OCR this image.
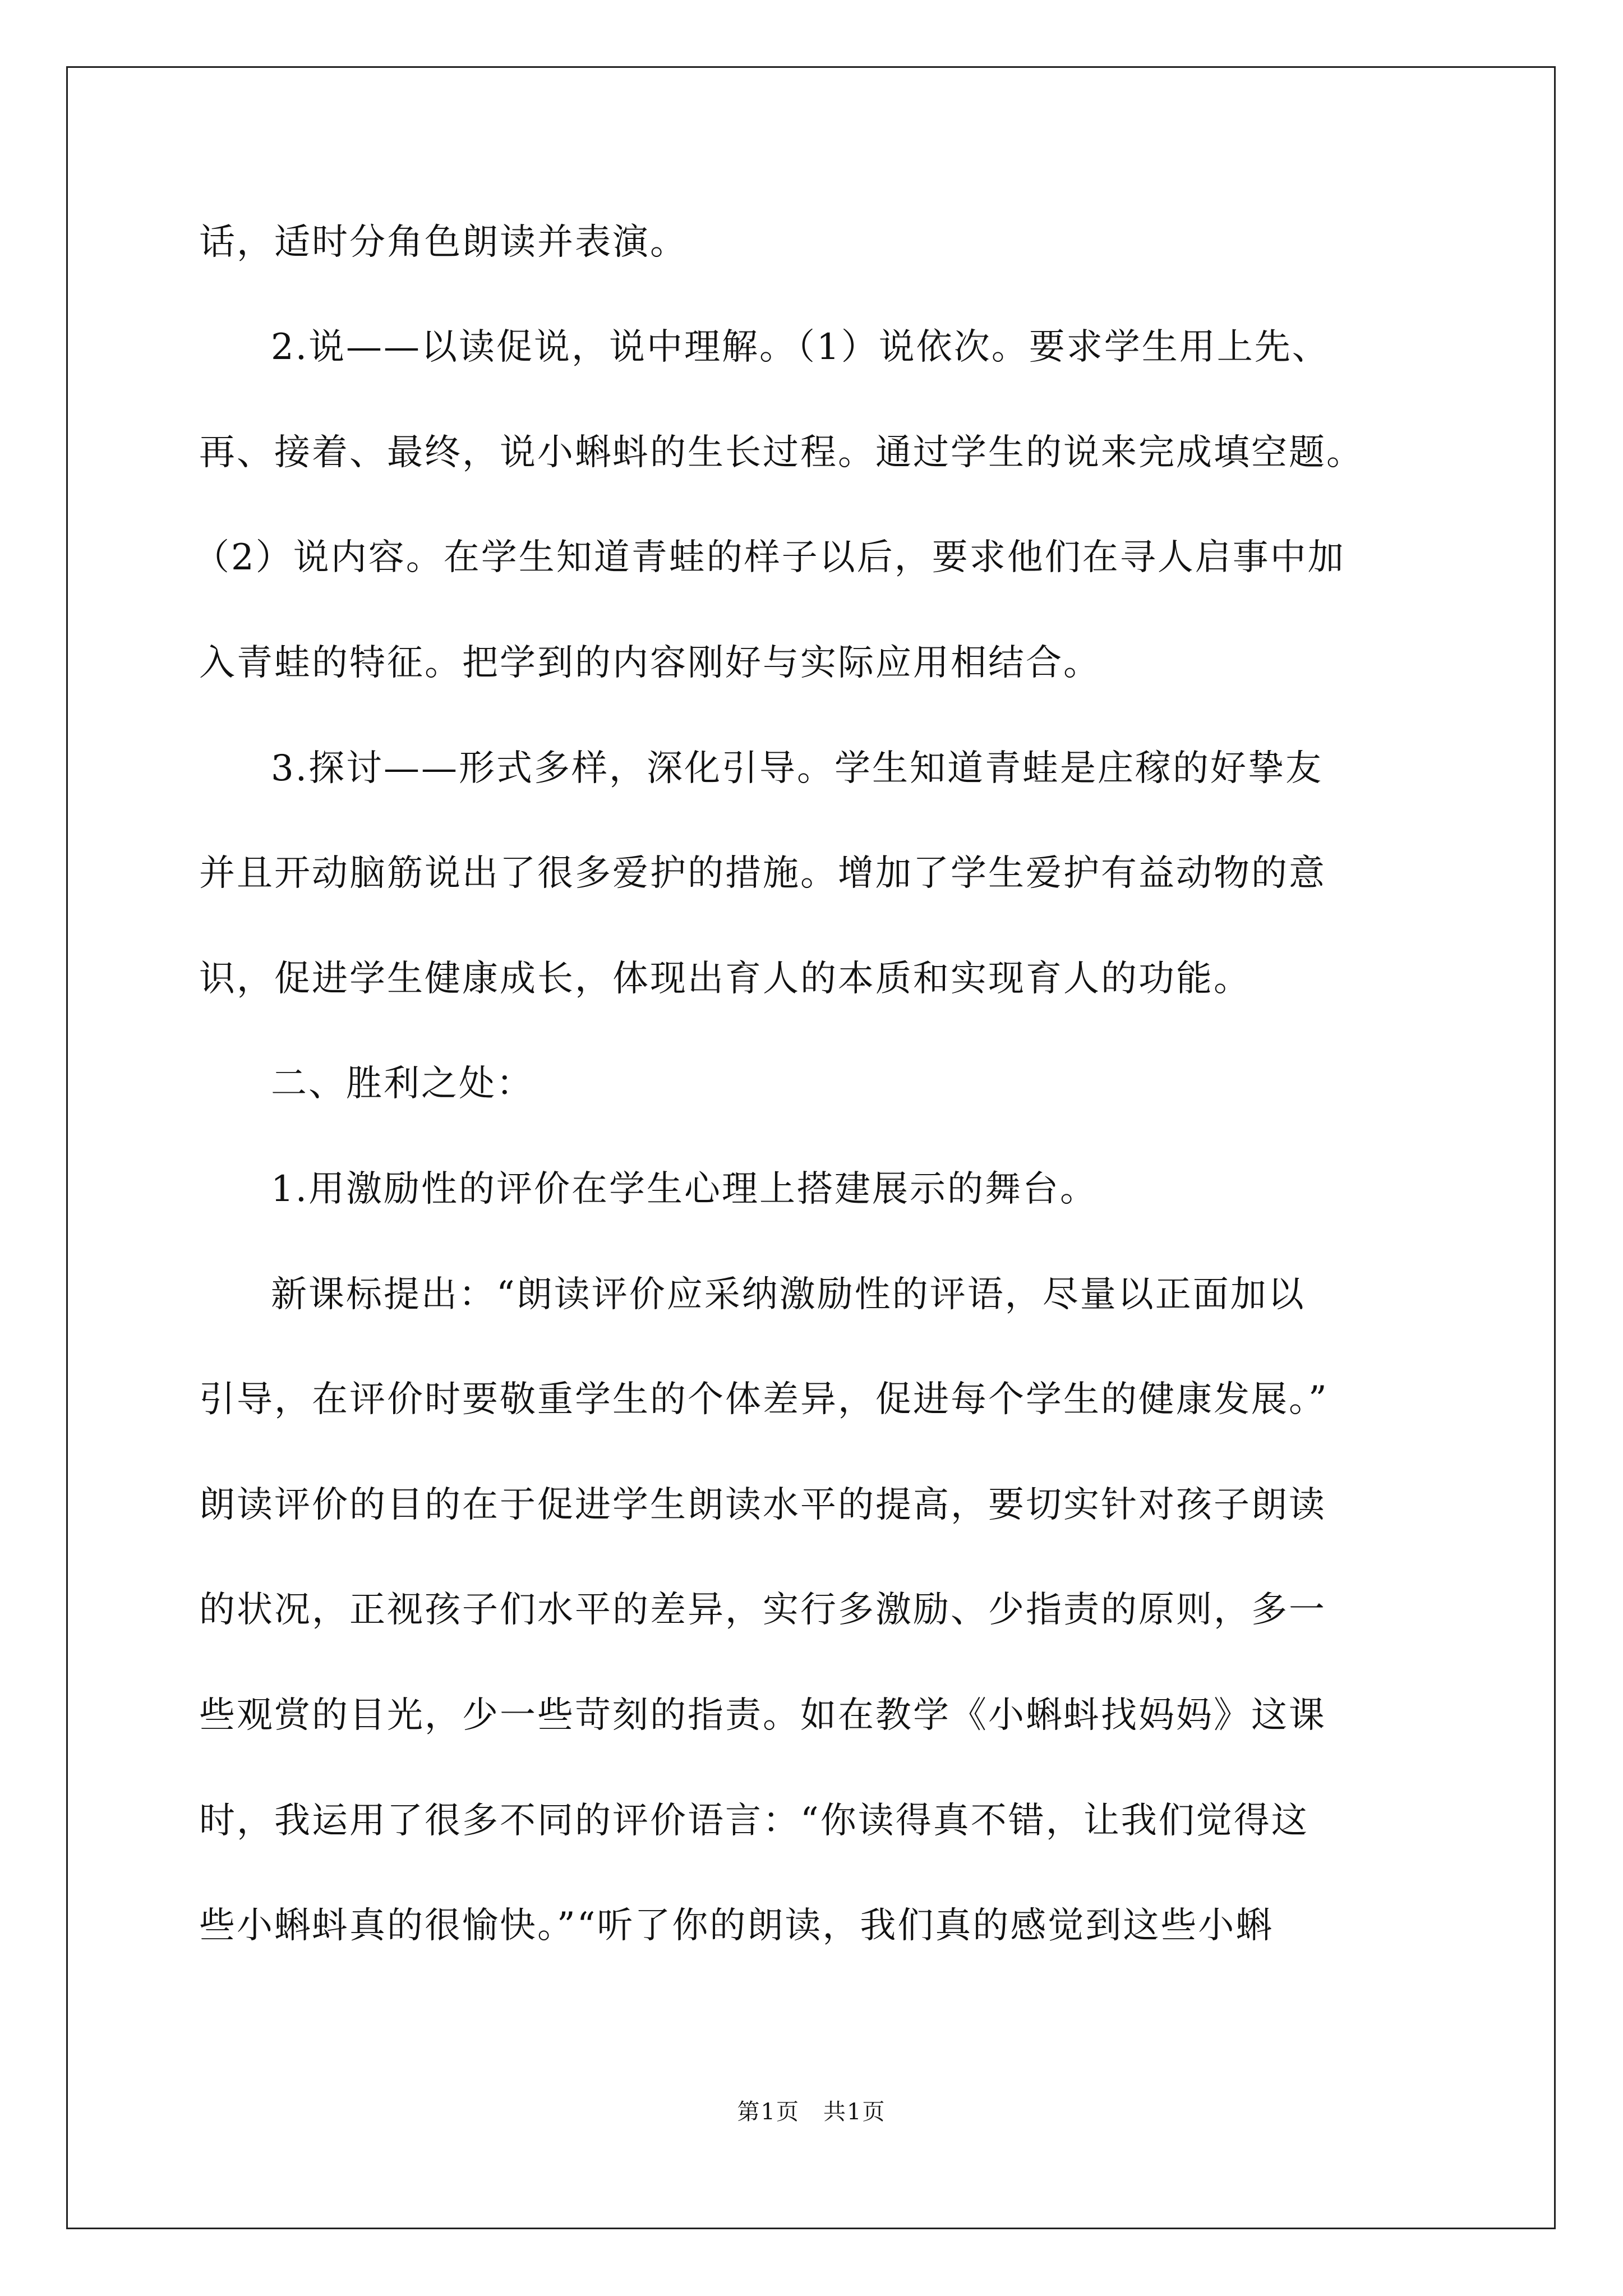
话，适时分角色朗读并表演。
2.说——以读促说，说中理解。（1）说依次。要求学生用上先、
再、接着、最终，说小蝌蚪的生长过程。通过学生的说来完成填空题。
（2）说内容。在学生知道青蛙的样子以后，要求他们在寻人启事中加
入青蛙的特征。把学到的内容刚好与实际应用相结合。
3.探讨——形式多样，深化引导。学生知道青蛙是庄稼的好挚友
并且开动脑筋说出了很多爱护的措施。增加了学生爱护有益动物的意
识，促进学生健康成长，体现出育人的本质和实现育人的功能。
二、胜利之处：
1.用激励性的评价在学生心理上搭建展示的舞台。
新课标提出：“朗读评价应采纳激励性的评语，尽量以正面加以
引导，在评价时要敬重学生的个体差异，促进每个学生的健康发展。”
朗读评价的目的在于促进学生朗读水平的提高，要切实针对孩子朗读
的状况，正视孩子们水平的差异，实行多激励、少指责的原则，多一
些观赏的目光，少一些苛刻的指责。如在教学《小蝌蚪找妈妈》这课
时，我运用了很多不同的评价语言：“你读得真不错，让我们觉得这
些小蝌蚪真的很愉快。”“听了你的朗读，我们真的感觉到这些小蝌
第1页　共1页
